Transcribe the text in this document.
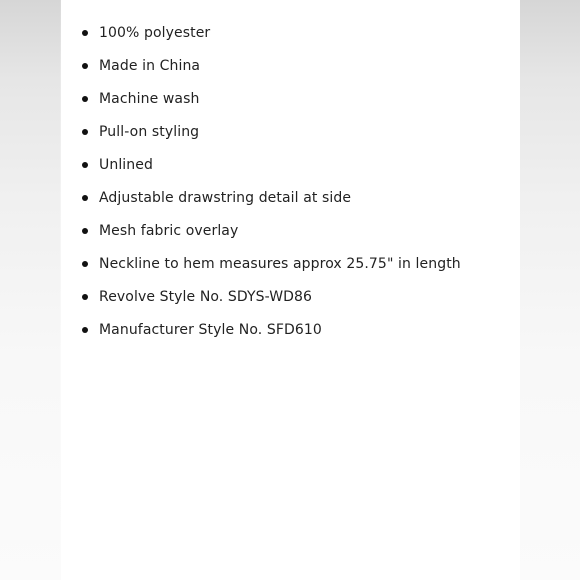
100% polyester
Made in China
Machine wash
Pull-on styling
Unlined
Adjustable drawstring detail at side
Mesh fabric overlay
Neckline to hem measures approx 25.75" in length
Revolve Style No. SDYS-WD86
Manufacturer Style No. SFD610
